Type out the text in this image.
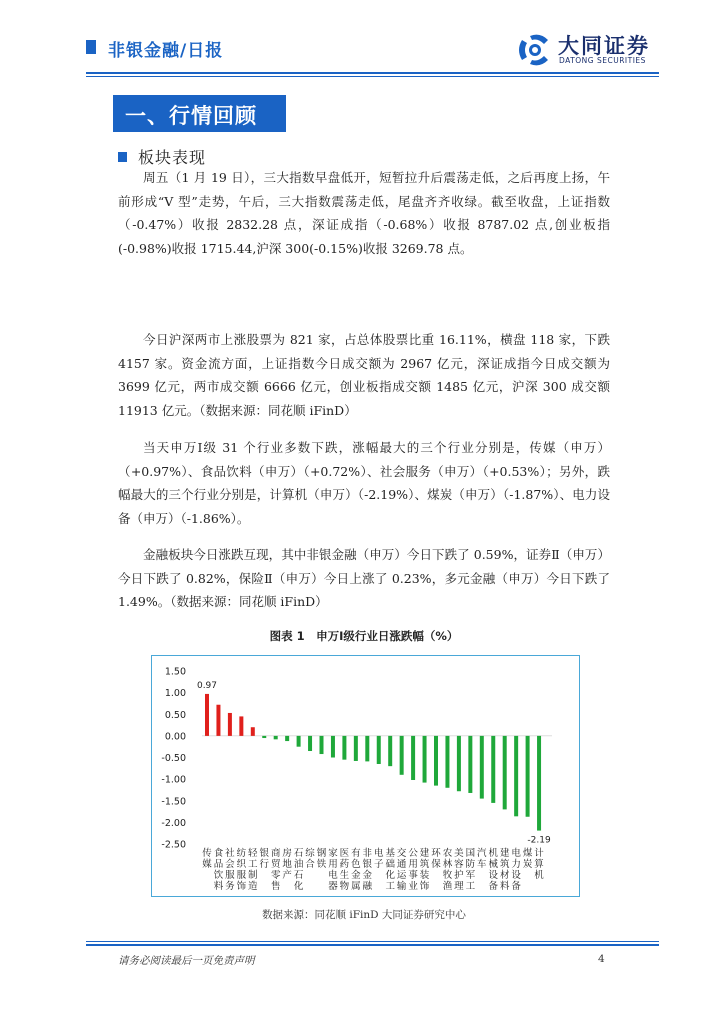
非银金融/日报	大同证券
DATONG SECURITIES
一、行情回顾
板块表现
周五（1 月 19 日），三大指数早盘低开，短暂拉升后震荡走低，之后再度上扬，午前形成“V 型”走势，午后，三大指数震荡走低，尾盘齐齐收绿。截至收盘，上证指数（-0.47%）收报 2832.28 点，深证成指（-0.68%）收报 8787.02 点,创业板指(-0.98%)收报 1715.44,沪深 300(-0.15%)收报 3269.78 点。
今日沪深两市上涨股票为 821 家，占总体股票比重 16.11%，横盘 118 家，下跌 4157 家。资金流方面，上证指数今日成交额为 2967 亿元，深证成指今日成交额为 3699 亿元，两市成交额 6666 亿元，创业板指成交额 1485 亿元，沪深 300 成交额 11913 亿元。（数据来源：同花顺 iFinD）
当天申万Ⅰ级 31 个行业多数下跌，涨幅最大的三个行业分别是，传媒（申万）（+0.97%）、食品饮料（申万）（+0.72%）、社会服务（申万）（+0.53%）；另外，跌幅最大的三个行业分别是，计算机（申万）（-2.19%）、煤炭（申万）（-1.87%）、电力设备（申万）（-1.86%）。
金融板块今日涨跌互现，其中非银金融（申万）今日下跌了 0.59%，证券Ⅱ（申万）今日下跌了 0.82%，保险Ⅱ（申万）今日上涨了 0.23%，多元金融（申万）今日下跌了 1.49%。（数据来源：同花顺 iFinD）
图表 1　申万Ⅰ级行业日涨跌幅（%）
1.50
1.00
0.50
0.00
-0.50
-1.00
-1.50
-2.00
-2.50
0.97
-2.19
传媒
食品饮料
社会服务
纺织服饰
轻工制造
银行
商贸零售
房地产
石油石化
综合
钢铁
家用电器
医药生物
有色金属
非银金融
电子
基础化工
交通运输
公用事业
建筑装饰
环保
农林牧渔
美容护理
国防军工
汽车
机械设备
建筑材料
电力设备
煤炭
计算机
数据来源：同花顺 iFinD 大同证券研究中心
请务必阅读最后一页免责声明	4
